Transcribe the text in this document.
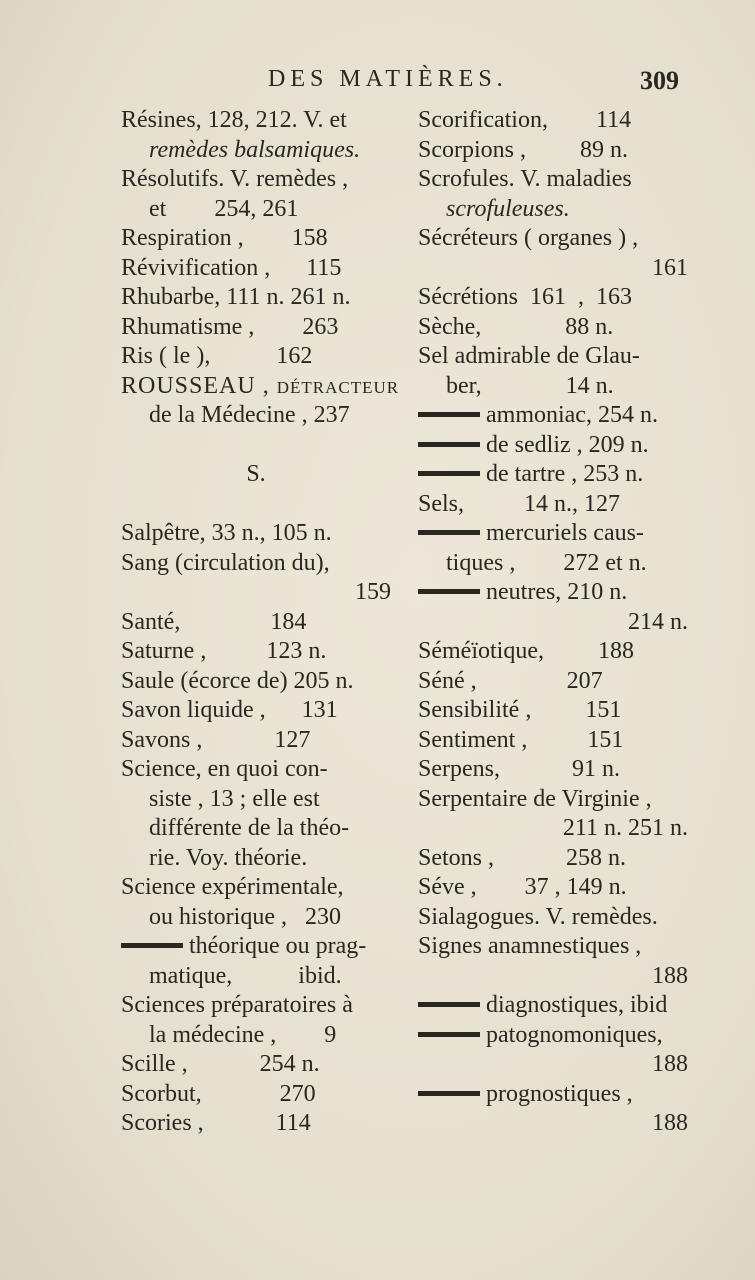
DES MATIÈRES.	309
Résines, 128, 212. V. et
remèdes balsamiques.
Résolutifs. V. remèdes ,
et        254, 261
Respiration ,        158
Révivification ,      115
Rhubarbe, 111 n. 261 n.
Rhumatisme ,        263
Ris ( le ),           162
ROUSSEAU , détracteur
de la Médecine , 237
S.
Salpêtre, 33 n., 105 n.
Sang (circulation du),
159
Santé,               184
Saturne ,          123 n.
Saule (écorce de) 205 n.
Savon liquide ,      131
Savons ,            127
Science, en quoi con-
siste , 13 ; elle est
différente de la théo-
rie. Voy. théorie.
Science expérimentale,
ou historique ,   230
théorique ou prag-
matique,           ibid.
Sciences préparatoires à
la médecine ,        9
Scille ,            254 n.
Scorbut,             270
Scories ,            114
Scorification,        114
Scorpions ,         89 n.
Scrofules. V. maladies
scrofuleuses.
Sécréteurs ( organes ) ,
161
Sécrétions  161  ,  163
Sèche,              88 n.
Sel admirable de Glau-
ber,              14 n.
ammoniac, 254 n.
de sedliz , 209 n.
de tartre , 253 n.
Sels,          14 n., 127
mercuriels caus-
tiques ,        272 et n.
neutres, 210 n.
214 n.
Séméïotique,         188
Séné ,               207
Sensibilité ,         151
Sentiment ,          151
Serpens,            91 n.
Serpentaire de Virginie ,
211 n. 251 n.
Setons ,            258 n.
Séve ,        37 , 149 n.
Sialagogues. V. remèdes.
Signes anamnestiques ,
188
diagnostiques, ibid
patognomoniques,
188
prognostiques ,
188
